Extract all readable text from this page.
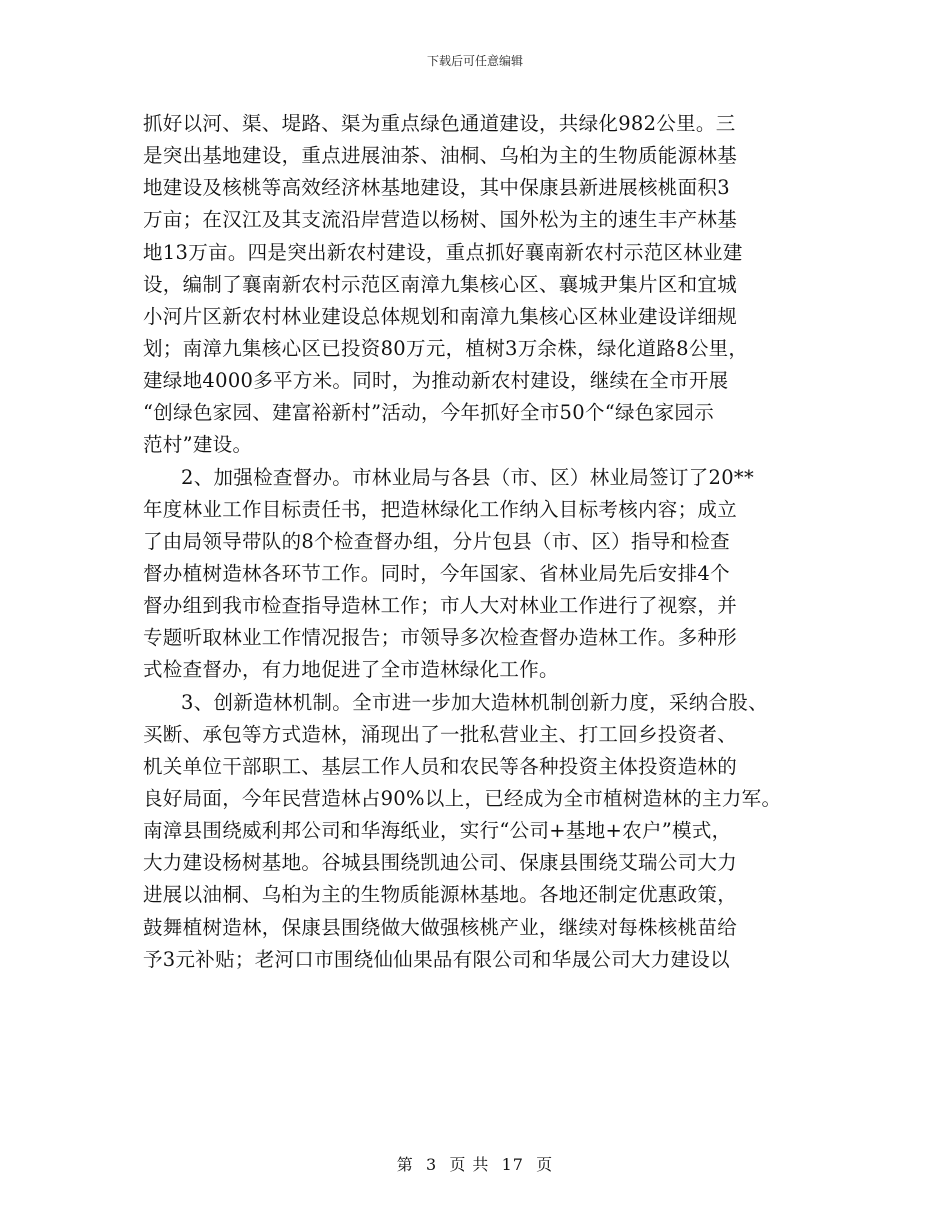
下载后可任意编辑
抓好以河、渠、堤路、渠为重点绿色通道建设，共绿化982公里。三
是突出基地建设，重点进展油茶、油桐、乌桕为主的生物质能源林基
地建设及核桃等高效经济林基地建设，其中保康县新进展核桃面积3
万亩；在汉江及其支流沿岸营造以杨树、国外松为主的速生丰产林基
地13万亩。四是突出新农村建设，重点抓好襄南新农村示范区林业建
设，编制了襄南新农村示范区南漳九集核心区、襄城尹集片区和宜城
小河片区新农村林业建设总体规划和南漳九集核心区林业建设详细规
划；南漳九集核心区已投资80万元，植树3万余株，绿化道路8公里，
建绿地4000多平方米。同时，为推动新农村建设，继续在全市开展
“创绿色家园、建富裕新村”活动，今年抓好全市50个“绿色家园示
范村”建设。
2、加强检查督办。市林业局与各县（市、区）林业局签订了20**
年度林业工作目标责任书，把造林绿化工作纳入目标考核内容；成立
了由局领导带队的8个检查督办组，分片包县（市、区）指导和检查
督办植树造林各环节工作。同时，今年国家、省林业局先后安排4个
督办组到我市检查指导造林工作；市人大对林业工作进行了视察，并
专题听取林业工作情况报告；市领导多次检查督办造林工作。多种形
式检查督办，有力地促进了全市造林绿化工作。
3、创新造林机制。全市进一步加大造林机制创新力度，采纳合股、
买断、承包等方式造林，涌现出了一批私营业主、打工回乡投资者、
机关单位干部职工、基层工作人员和农民等各种投资主体投资造林的
良好局面，今年民营造林占90%以上，已经成为全市植树造林的主力军。
南漳县围绕威利邦公司和华海纸业，实行“公司+基地+农户”模式，
大力建设杨树基地。谷城县围绕凯迪公司、保康县围绕艾瑞公司大力
进展以油桐、乌桕为主的生物质能源林基地。各地还制定优惠政策，
鼓舞植树造林，保康县围绕做大做强核桃产业，继续对每株核桃苗给
予3元补贴；老河口市围绕仙仙果品有限公司和华晟公司大力建设以
第  3  页 共  17  页
